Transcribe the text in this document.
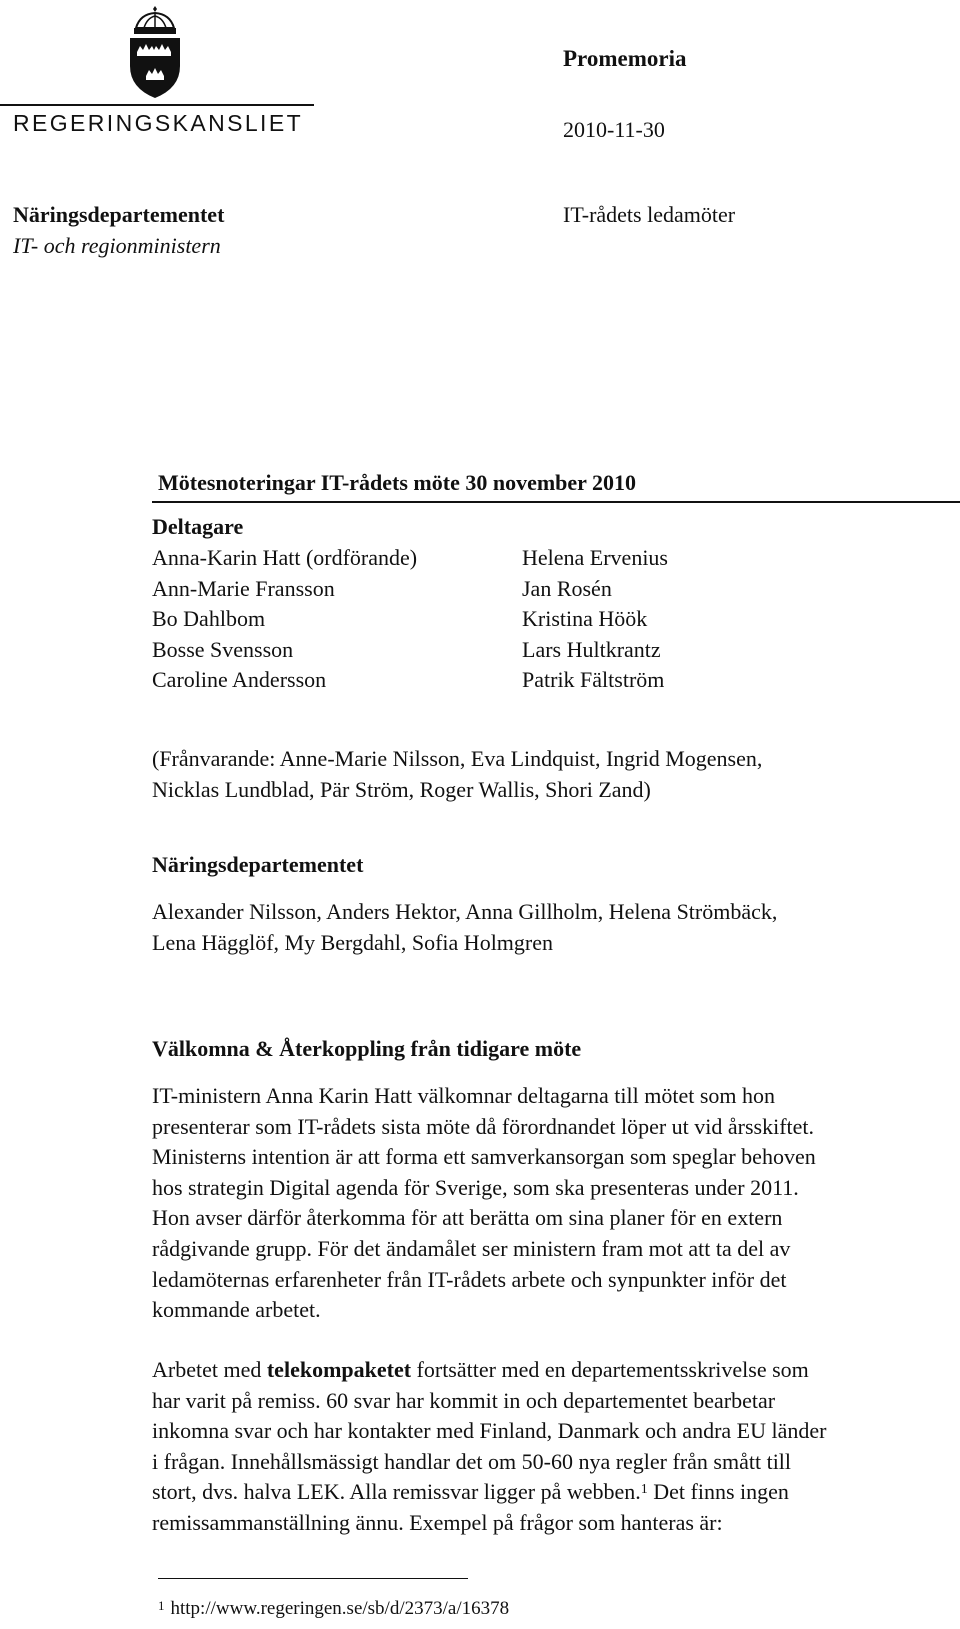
REGERINGSKANSLIET
Promemoria
2010-11-30
Näringsdepartementet
IT- och regionministern
IT-rådets ledamöter
Mötesnoteringar IT-rådets möte 30 november 2010
Deltagare
Anna-Karin Hatt (ordförande)
Ann-Marie Fransson
Bo Dahlbom
Bosse Svensson
Caroline Andersson
Helena Ervenius
Jan Rosén
Kristina Höök
Lars Hultkrantz
Patrik Fältström
(Frånvarande: Anne-Marie Nilsson, Eva Lindquist, Ingrid Mogensen,
Nicklas Lundblad, Pär Ström, Roger Wallis, Shori Zand)
Näringsdepartementet
Alexander Nilsson, Anders Hektor, Anna Gillholm, Helena Strömbäck,
Lena Hägglöf, My Bergdahl, Sofia Holmgren
Välkomna & Återkoppling från tidigare möte
IT-ministern Anna Karin Hatt välkomnar deltagarna till mötet som hon
presenterar som IT-rådets sista möte då förordnandet löper ut vid årsskiftet.
Ministerns intention är att forma ett samverkansorgan som speglar behoven
hos strategin Digital agenda för Sverige, som ska presenteras under 2011.
Hon avser därför återkomma för att berätta om sina planer för en extern
rådgivande grupp. För det ändamålet ser ministern fram mot att ta del av
ledamöternas erfarenheter från IT-rådets arbete och synpunkter inför det
kommande arbetet.
Arbetet med telekompaketet fortsätter med en departementsskrivelse som
har varit på remiss. 60 svar har kommit in och departementet bearbetar
inkomna svar och har kontakter med Finland, Danmark och andra EU länder
i frågan. Innehållsmässigt handlar det om 50-60 nya regler från smått till
stort, dvs. halva LEK. Alla remissvar ligger på webben.$^1$ Det finns ingen
remissammanställning ännu. Exempel på frågor som hanteras är:
$^1$ http://www.regeringen.se/sb/d/2373/a/16378
